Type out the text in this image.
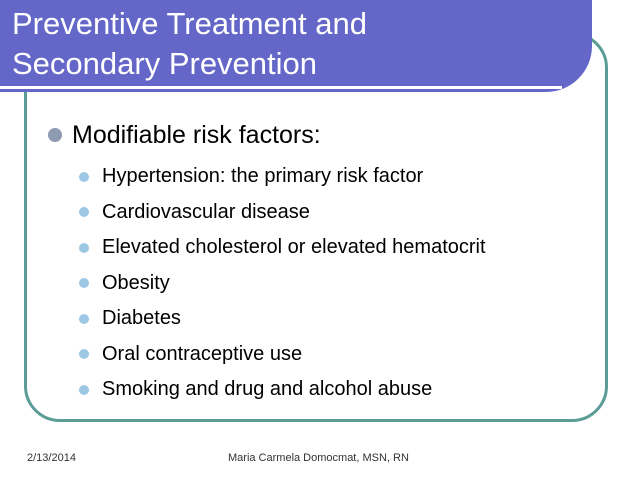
Preventive Treatment and
Secondary Prevention
Modifiable risk factors:
Hypertension: the primary risk factor
Cardiovascular disease
Elevated cholesterol or elevated hematocrit
Obesity
Diabetes
Oral contraceptive use
Smoking and drug and alcohol abuse
2/13/2014	Maria Carmela Domocmat, MSN, RN
